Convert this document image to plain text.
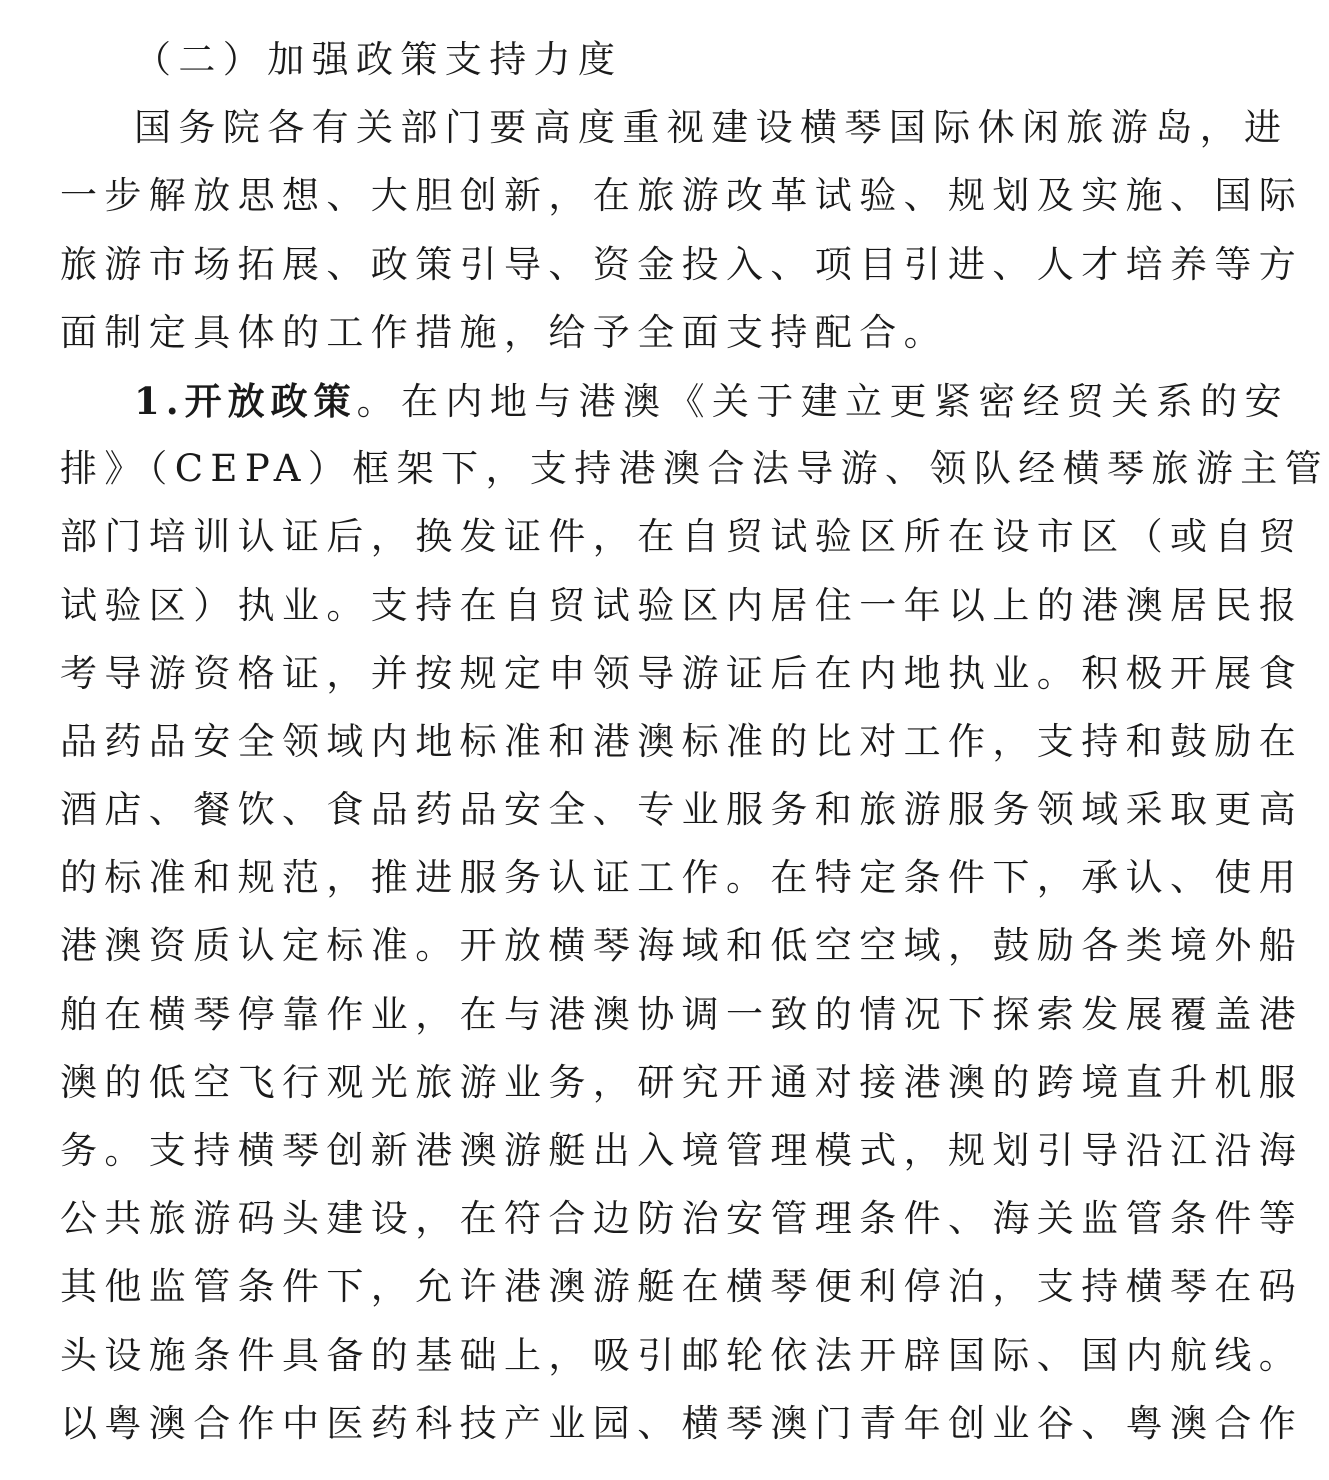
（二）加强政策支持力度
国务院各有关部门要高度重视建设横琴国际休闲旅游岛，进
一步解放思想、大胆创新，在旅游改革试验、规划及实施、国际
旅游市场拓展、政策引导、资金投入、项目引进、人才培养等方
面制定具体的工作措施，给予全面支持配合。
1.开放政策。在内地与港澳《关于建立更紧密经贸关系的安
排》（CEPA）框架下，支持港澳合法导游、领队经横琴旅游主管
部门培训认证后，换发证件，在自贸试验区所在设市区（或自贸
试验区）执业。支持在自贸试验区内居住一年以上的港澳居民报
考导游资格证，并按规定申领导游证后在内地执业。积极开展食
品药品安全领域内地标准和港澳标准的比对工作，支持和鼓励在
酒店、餐饮、食品药品安全、专业服务和旅游服务领域采取更高
的标准和规范，推进服务认证工作。在特定条件下，承认、使用
港澳资质认定标准。开放横琴海域和低空空域，鼓励各类境外船
舶在横琴停靠作业，在与港澳协调一致的情况下探索发展覆盖港
澳的低空飞行观光旅游业务，研究开通对接港澳的跨境直升机服
务。支持横琴创新港澳游艇出入境管理模式，规划引导沿江沿海
公共旅游码头建设，在符合边防治安管理条件、海关监管条件等
其他监管条件下，允许港澳游艇在横琴便利停泊，支持横琴在码
头设施条件具备的基础上，吸引邮轮依法开辟国际、国内航线。
以粤澳合作中医药科技产业园、横琴澳门青年创业谷、粤澳合作
